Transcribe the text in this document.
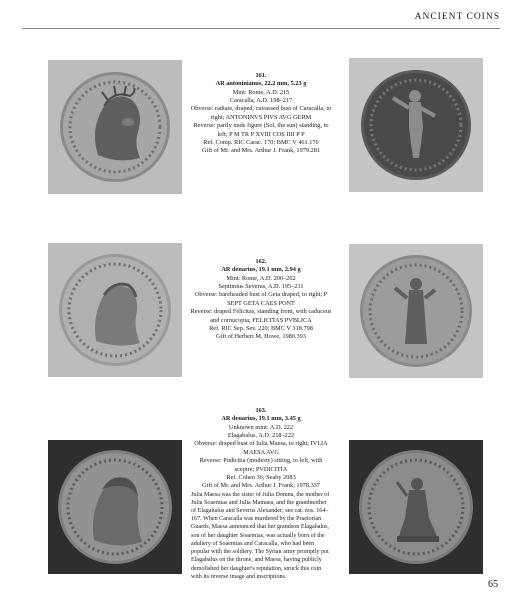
ANCIENT COINS
161.
AR antoninianus, 22.2 mm, 5.23 g
Mint: Rome, A.D. 215
Caracalla, A.D. 198–217
Obverse: radiate, draped, cuirassed bust of Caracalla, to right; ANTONINVS PIVS AVG GERM
Reverse: partly nude figure (Sol, the sun) standing, to left; P M TR P XVIII COS IIII P P
Ref. Comp. RIC Carac. 170; BMC V 461.170
Gift of Mr. and Mrs. Arthur J. Frank, 1979.281
162.
AR denarius, 19.1 mm, 2.94 g
Mint: Rome, A.D. 200–202
Septimius Severus, A.D. 195–211
Obverse: bareheaded bust of Geta draped, to right; P SEPT GETA CAES PONT
Reverse: draped Felicitas, standing front, with caduceus and cornucopia; FELICITAS PVBLICA
Ref. RIC Sep. Sev. 220; BMC V 318.798
Gift of Herbert M. Howe, 1980.393
163.
AR denarius, 19.1 mm, 3.45 g
Unknown mint: A.D. 222
Elagabalus, A.D. 218–222
Obverse: draped bust of Iulia Maesa, to right; IVLIA MAESA AVG
Reverse: Pudicitia (modesty) sitting, to left, with sceptre; PVDICITIA
Ref. Cohen 36; Seaby 2083
Gift of Mr. and Mrs. Arthur J. Frank, 1978.337
Julia Maesa was the sister of Julia Domna, the mother of Julia Soaemias and Julia Mamaea, and the grandmother of Elagabalus and Severus Alexander; see cat. nos. 164–167. When Caracalla was murdered by the Praetorian Guards, Maesa announced that her grandson Elagabalus, son of her daughter Soaemias, was actually born of the adultery of Soaemias and Caracalla, who had been popular with the soldiery. The Syrian army promptly put Elagabalus on the throne, and Maesa, having publicly demolished her daughter's reputation, struck this coin with its reverse image and inscriptions.
65
